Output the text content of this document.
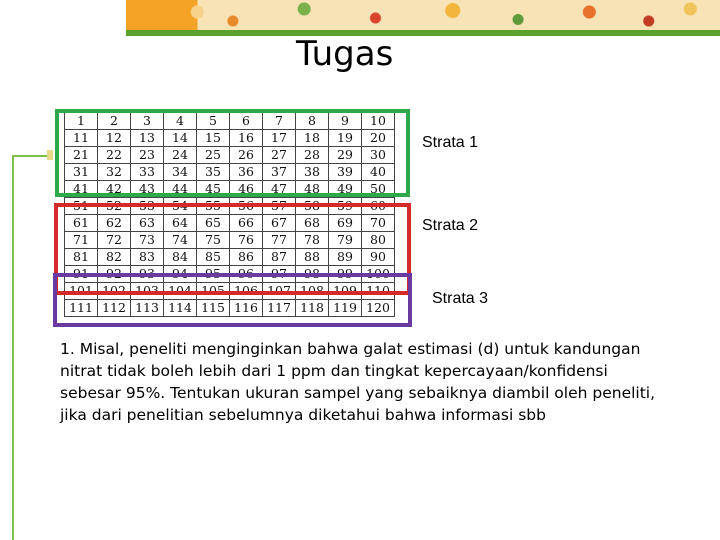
Tugas
1	2	3	4	5	6	7	8	9	10
11	12	13	14	15	16	17	18	19	20
21	22	23	24	25	26	27	28	29	30
31	32	33	34	35	36	37	38	39	40
41	42	43	44	45	46	47	48	49	50
51	52	53	54	55	56	57	58	59	60
61	62	63	64	65	66	67	68	69	70
71	72	73	74	75	76	77	78	79	80
81	82	83	84	85	86	87	88	89	90
91	92	93	94	95	96	97	98	99	100
101	102	103	104	105	106	107	108	109	110
111	112	113	114	115	116	117	118	119	120
Strata 1
Strata 2
Strata 3
1. Misal, peneliti menginginkan bahwa galat estimasi (d) untuk kandungan nitrat tidak boleh lebih dari 1 ppm dan tingkat kepercayaan/konfidensi sebesar 95%. Tentukan ukuran sampel yang sebaiknya diambil oleh peneliti, jika dari penelitian sebelumnya diketahui bahwa informasi sbb
